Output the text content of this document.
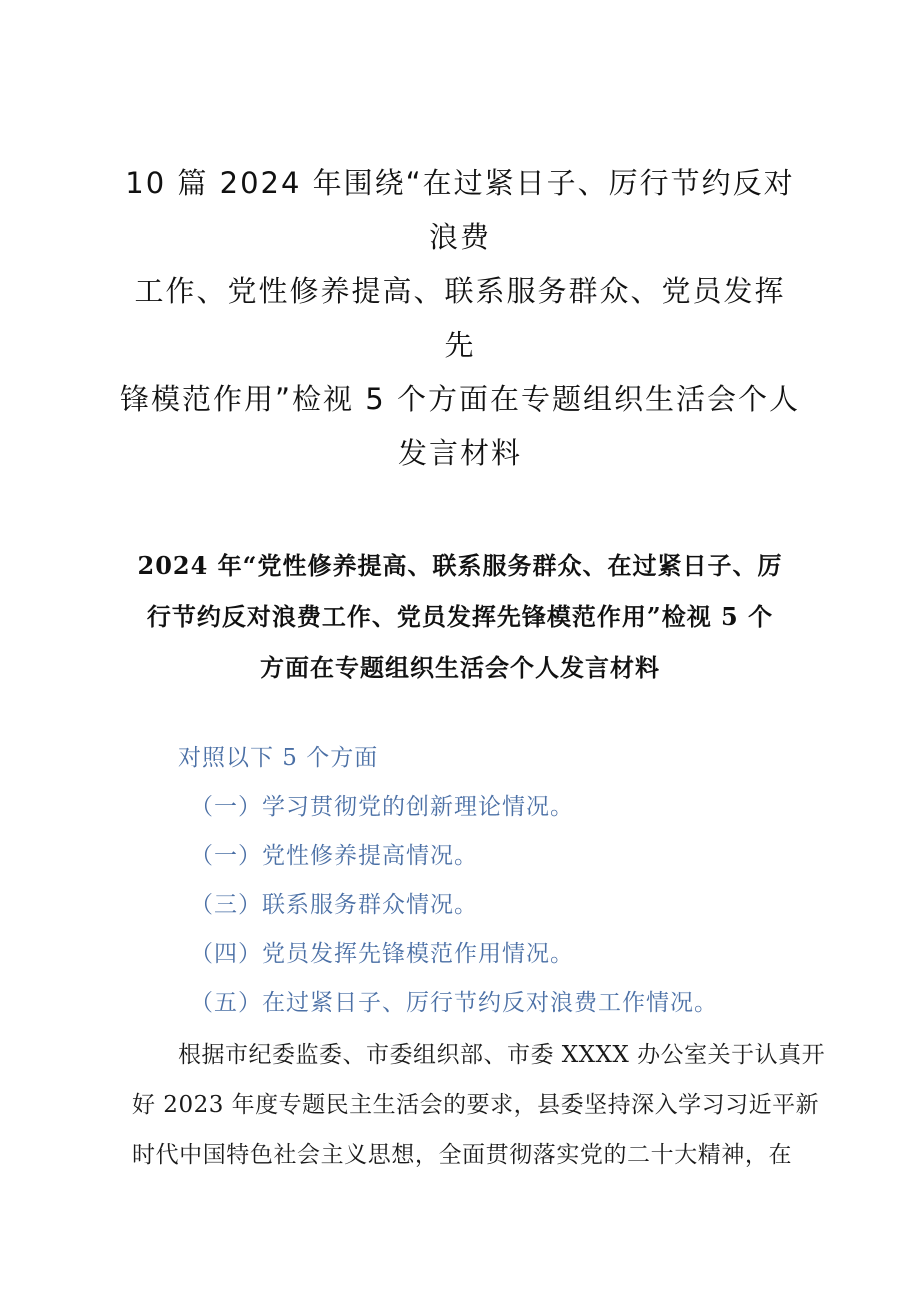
10 篇 2024 年围绕“在过紧日子、厉行节约反对浪费
工作、党性修养提高、联系服务群众、党员发挥先
锋模范作用”检视 5 个方面在专题组织生活会个人
发言材料
2024 年“党性修养提高、联系服务群众、在过紧日子、厉
行节约反对浪费工作、党员发挥先锋模范作用”检视 5 个
方面在专题组织生活会个人发言材料
对照以下 5 个方面
（一）学习贯彻党的创新理论情况。
（一）党性修养提高情况。
（三）联系服务群众情况。
（四）党员发挥先锋模范作用情况。
（五）在过紧日子、厉行节约反对浪费工作情况。
根据市纪委监委、市委组织部、市委 XXXX 办公室关于认真开
好 2023 年度专题民主生活会的要求，县委坚持深入学习习近平新
时代中国特色社会主义思想，全面贯彻落实党的二十大精神，在
